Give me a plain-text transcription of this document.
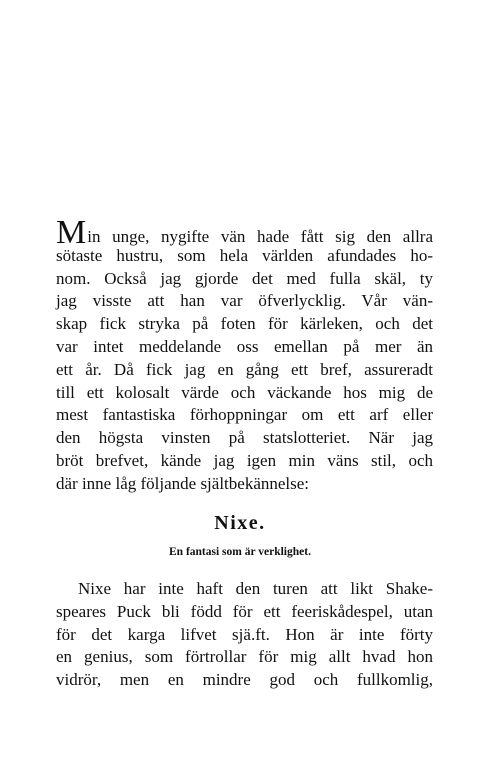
Min unge, nygifte vän hade fått sig den allra
sötaste hustru, som hela världen afundades ho-
nom. Också jag gjorde det med fulla skäl, ty
jag visste att han var öfverlycklig. Vår vän-
skap fick stryka på foten för kärleken, och det
var intet meddelande oss emellan på mer än
ett år. Då fick jag en gång ett bref, assureradt
till ett kolosalt värde och väckande hos mig de
mest fantastiska förhoppningar om ett arf eller
den högsta vinsten på statslotteriet. När jag
bröt brefvet, kände jag igen min väns stil, och
där inne låg följande själtbekännelse:
Nixe.
En fantasi som är verklighet.
Nixe har inte haft den turen att likt Shake-
speares Puck bli född för ett feeriskådespel, utan
för det karga lifvet sjä.ft. Hon är inte förty
en genius, som förtrollar för mig allt hvad hon
vidrör, men en mindre god och fullkomlig,
